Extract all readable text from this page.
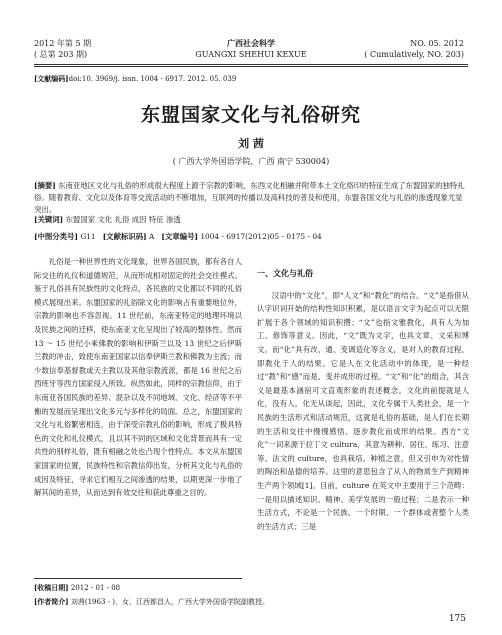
2012 年第 5 期
( 总第 203 期)
广西社会科学
GUANGXI SHEHUI KEXUE
NO. 05. 2012
( Cumulatively, NO. 203)
[文献编码]doi:10. 3969/j. issn. 1004 - 6917. 2012. 05. 039
东盟国家文化与礼俗研究
刘 茜
( 广西大学外国语学院，广西 南宁 530004)
[摘要] 东南亚地区文化与礼俗的形成很大程度上源于宗教的影响，东西文化相融并附带本土文化烙印的特征生成了东盟国家的独特礼俗。随着教育、文化以及体育等交流活动的不断增加，互联网的传播以及高科技的普及和使用，东盟各国文化与礼俗的渗透现象尤显突出。
[关键词] 东盟国家 文化 礼俗 成因 特征 渗透
[中图分类号] G11 [文献标识码] A [文章编号] 1004 - 6917(2012)05 - 0175 - 04

礼俗是一种世界性的文化现象，世界各国民族，都有各自人际交往的礼仪和道德规范，从而形成相对固定的社会交往模式。鉴于礼俗具有民族性的文化特点，各民族的文化都以不同的礼俗模式展现出来。东盟国家的礼俗除文化的影响占有重要地位外，宗教的影响也不容忽视。11 世纪前，东南亚特定的地理环境以及民族之间的迁移，使东南亚文化呈现出了较高的整体性。然而 13 ～ 15 世纪小乘佛教的影响和伊斯兰以及 13 世纪之后伊斯兰教的冲击，致使东南亚国家以信奉伊斯兰教和佛教为主流；而少数信奉基督教或天主教以及其他宗教流派，都是 16 世纪之后西班牙等西方国家侵入所致。纵然如此，同样的宗教信仰，由于东南亚各国民族的差异、混杂以及不同地域、文化、经济等不平衡的发展而呈现出文化多元与多样化的局面。总之，东盟国家的文化与礼俗繁密相连，由于深受宗教礼俗的影响，形成了极具特色的文化和礼仪模式，且以其不同的区域和文化背景而具有一定共性的别样礼俗，既有相融之处也凸现个性特点。本文从东盟国家国家的位置，民族特性和宗教信仰出发，分析其文化与礼俗的成因及特征，寻求它们相互之间渗透的结果，以期更深一步地了解其间的差异，从而达到有效交往和获此尊重之目的。

一、文化与礼俗

汉语中的“文化”，即“人文”和“教化”的结合。“文”是指借从认字识词开始的结构性知识积累，是以语言文字为起点可以无限扩展于各个领域的知识积攒；“文”也指文雅教化，具有人为加工、修饰等意义。因此，“文”既为文字，也具文章、文采和博文。而“化”具有改、通、变调造化等含义，是对人的教育过程，即教化于人的结果。它是人在文化活动中的体现，是一种经过“教”和“感”而是、变并成形的过程。“文”和“化”的组合，其含义是最基本涵宿可文直观形象的表述概念。文化的前提就是人化，没有人，化无从谈起，因此，文化专属于人类社会，是一个民族的生活形式和活动规范，这就是礼俗的基础，是人们在长期的生活和交往中慢慢感悟、逐步教化而成形的结果。西方“文化”一词来源于拉丁文 cultura，其意为耕种、居住、练习、注意等。法文的 culture，也具栽培、种植之意，但又引申为对性情的陶冶和品德的培养。这里的意思包含了从人的物质生产到精神生产两个领域[1]。目前，culture 在英文中主要用于三个范畴：一是用以描述知识、精神、美学发展的一般过程；二是表示一种生活方式，不论是一个民族、一个时期、一个群体或者整个人类的生活方式；三是

[收稿日期] 2012 - 01 - 08
[作者简介] 刘茜(1963 - )，女，江西都昌人，广西大学外国语学院副教授。
175
